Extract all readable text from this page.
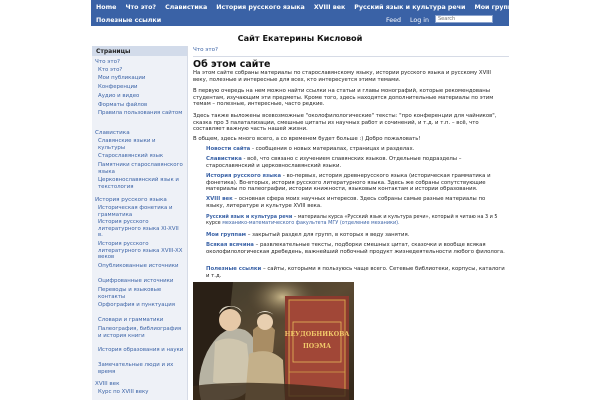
Home	Что это?	Славистика	История русского языка	XVIII век	Русский язык и культура речи	Мои группам	Всякая всячина
Полезные ссылки	Feed	Log in
Search
Сайт Екатерины Кисловой
Страницы
Что это?
Кто это?
Мои публикации
Конференции
Аудио и видео
Форматы файлов
Правила пользования сайтом
Славистика
Славянские языки и культуры
Старославянский язык
Памятники старославянского языка
Церковнославянский язык и текстология
История русского языка
Историческая фонетика и грамматика
История русского литературного языка XI-XVII в.
История русского литературного языка XVIII-XX веков
Опубликованные источники
Оцифрованные источники
Переводы и языковые контакты
Орфография и пунктуация
Словари и грамматики
Палеография, библиография и история книги
История образования и науки
Замечательные люди и их время
XVIII век
Курс по XVIII веку
Что это?
Об этом сайте
На этом сайте собраны материалы по старославянскому языку, истории русского языка и русскому XVIII веку, полезные и интересные для всех, кто интересуется этими темами.
В первую очередь на нем можно найти ссылки на статьи и главы монографий, которые рекомендованы студентам, изучающим эти предметы. Кроме того, здесь находятся дополнительные материалы по этим темам – полезные, интересные, часто редкие.
Здесь также выложены всевозможные "околофилологические" тексты: "про конференции для чайников", сказка про 3 палатализации, смешные цитаты из научных работ и сочинений, и т.д. и т.п. – всё, что составляет важную часть нашей жизни.
В общем, здесь много всего, а со временем будет больше :) Добро пожаловать!
Новости сайта - сообщения о новых материалах, страницах и разделах.
Славистика - всё, что связано с изучением славянских языков. Отдельные подразделы – старославянский и церковнославянский языки.
История русского языка - во-первых, история древнерусского языка (историческая грамматика и фонетика). Во-вторых, история русского литературного языка. Здесь же собраны сопутствующие материалы по палеографии, истории книжности, языковым контактам и истории образования.
XVIII век – основная сфера моих научных интересов. Здесь собраны самые разные материалы по языку, литературе и культуре XVIII века.
Русский язык и культура речи – материалы курса «Русский язык и культура речи», который я читаю на 3 и 5 курсе механико-математического факультета МГУ (отделение механики).
Мои группам – закрытый раздел для групп, в которых я веду занятия.
Всякая всячина – развлекательные тексты, подборки смешных цитат, сказочки и вообще всякая околофилологическая дребедень, важнейший побочный продукт жизнедеятельности любого филолога.
Полезные ссылки – сайты, которыми я пользуюсь чаще всего. Сетевые библиотеки, корпусы, каталоги и т.д.
НЕУДОБНИКОВА
ПОЭМА
